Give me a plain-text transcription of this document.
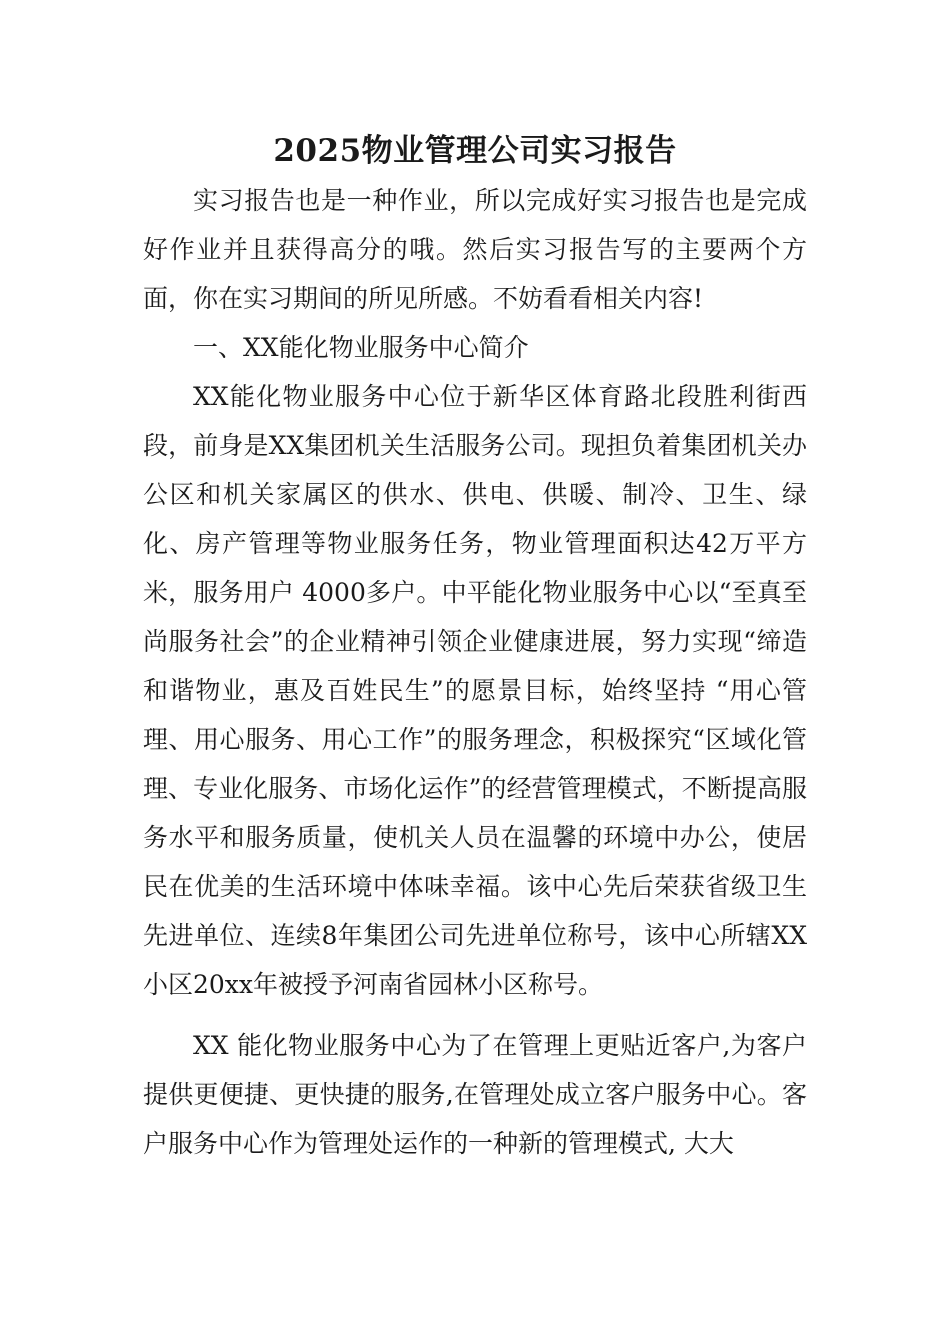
2025物业管理公司实习报告

实习报告也是一种作业，所以完成好实习报告也是完成好作业并且获得高分的哦。然后实习报告写的主要两个方面，你在实习期间的所见所感。不妨看看相关内容!

一、XX能化物业服务中心简介

XX能化物业服务中心位于新华区体育路北段胜利街西段，前身是XX集团机关生活服务公司。现担负着集团机关办公区和机关家属区的供水、供电、供暖、制冷、卫生、绿化、房产管理等物业服务任务，物业管理面积达42万平方米，服务用户 4000多户。中平能化物业服务中心以“至真至尚服务社会”的企业精神引领企业健康进展，努力实现“缔造和谐物业，惠及百姓民生”的愿景目标，始终坚持 “用心管理、用心服务、用心工作”的服务理念，积极探究“区域化管理、专业化服务、市场化运作”的经营管理模式，不断提高服务水平和服务质量，使机关人员在温馨的环境中办公，使居民在优美的生活环境中体味幸福。该中心先后荣获省级卫生先进单位、连续8年集团公司先进单位称号，该中心所辖XX小区20xx年被授予河南省园林小区称号。

XX 能化物业服务中心为了在管理上更贴近客户,为客户提供更便捷、更快捷的服务,在管理处成立客户服务中心。客户服务中心作为管理处运作的一种新的管理模式, 大大
